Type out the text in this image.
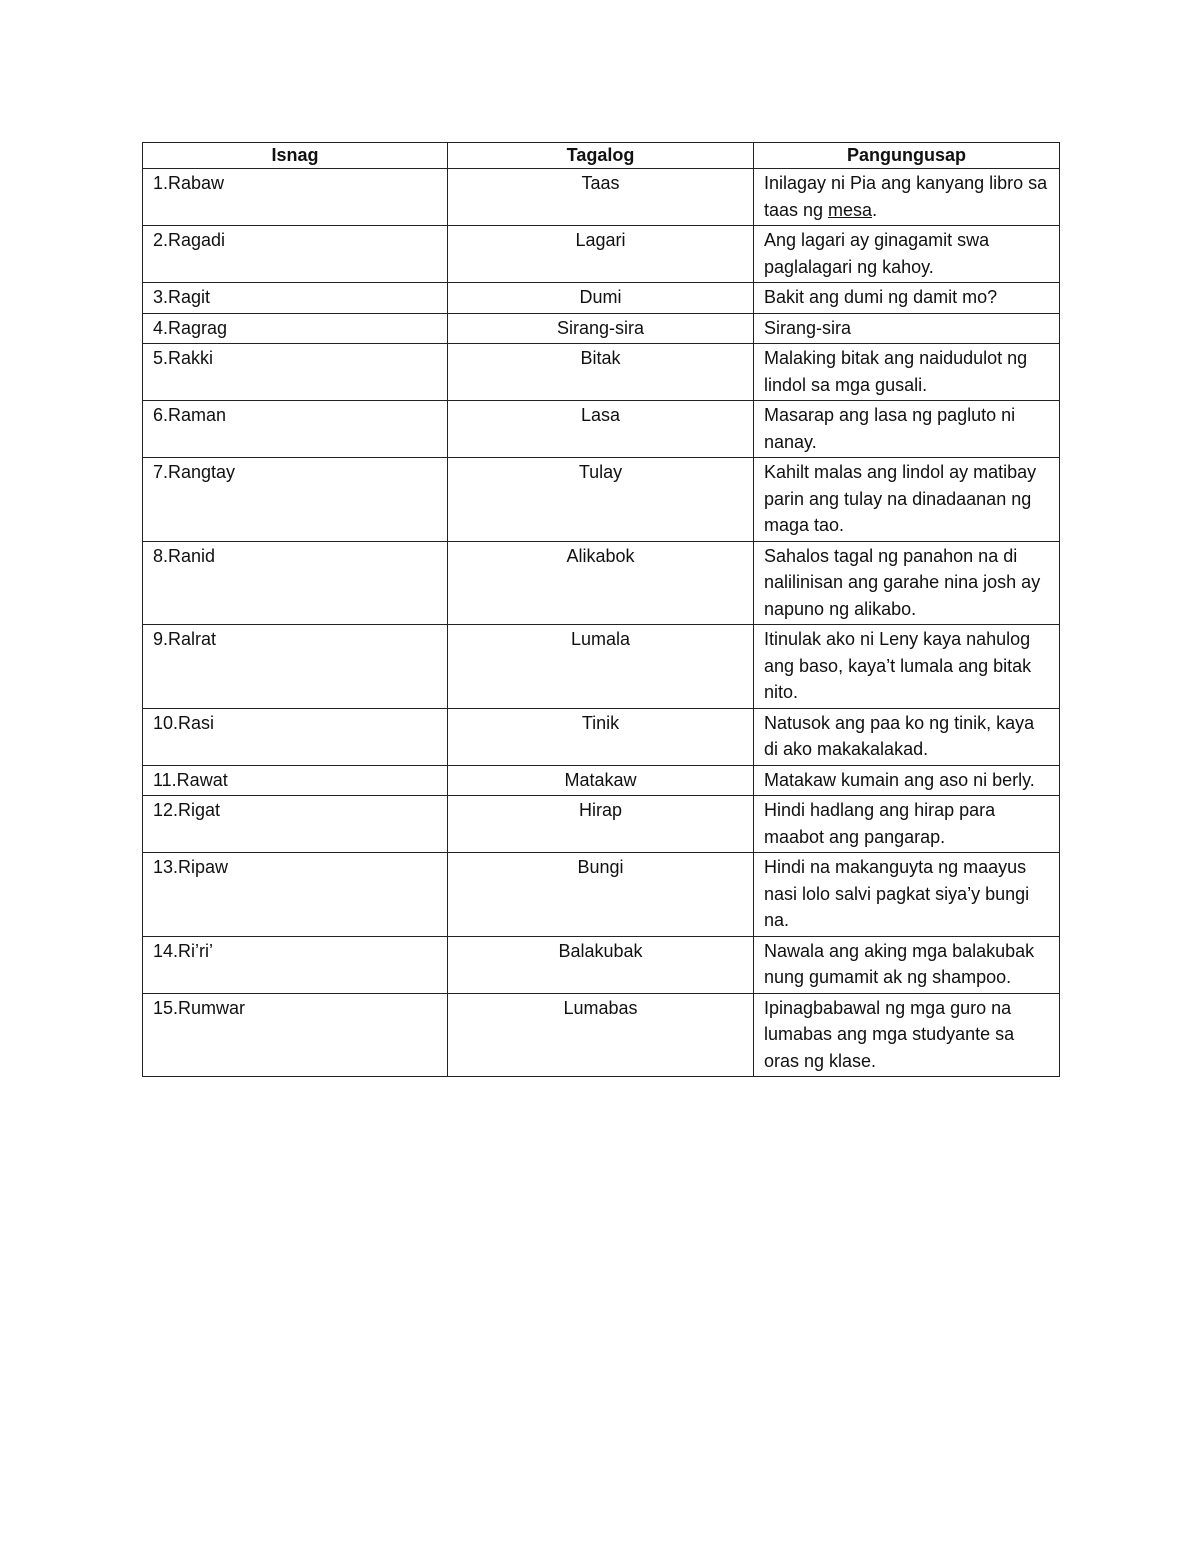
Isnag	Tagalog	Pangungusap
1.Rabaw	Taas	Inilagay ni Pia ang kanyang libro sa taas ng mesa.
2.Ragadi	Lagari	Ang lagari ay ginagamit swa paglalagari ng kahoy.
3.Ragit	Dumi	Bakit ang dumi ng damit mo?
4.Ragrag	Sirang-sira	Sirang-sira
5.Rakki	Bitak	Malaking bitak ang naidudulot ng lindol sa mga gusali.
6.Raman	Lasa	Masarap ang lasa ng pagluto ni nanay.
7.Rangtay	Tulay	Kahilt malas ang lindol ay matibay parin ang tulay na dinadaanan ng maga tao.
8.Ranid	Alikabok	Sahalos tagal ng panahon na di nalilinisan ang garahe nina josh ay napuno ng alikabo.
9.Ralrat	Lumala	Itinulak ako ni Leny kaya nahulog ang baso, kaya’t lumala ang bitak nito.
10.Rasi	Tinik	Natusok ang paa ko ng tinik, kaya di ako makakalakad.
11.Rawat	Matakaw	Matakaw kumain ang aso ni berly.
12.Rigat	Hirap	Hindi hadlang ang hirap para maabot ang pangarap.
13.Ripaw	Bungi	Hindi na makanguyta ng maayus nasi lolo salvi pagkat siya’y bungi na.
14.Ri’ri’	Balakubak	Nawala ang aking mga balakubak nung gumamit ak ng shampoo.
15.Rumwar	Lumabas	Ipinagbabawal ng mga guro na lumabas ang mga studyante sa oras ng klase.
